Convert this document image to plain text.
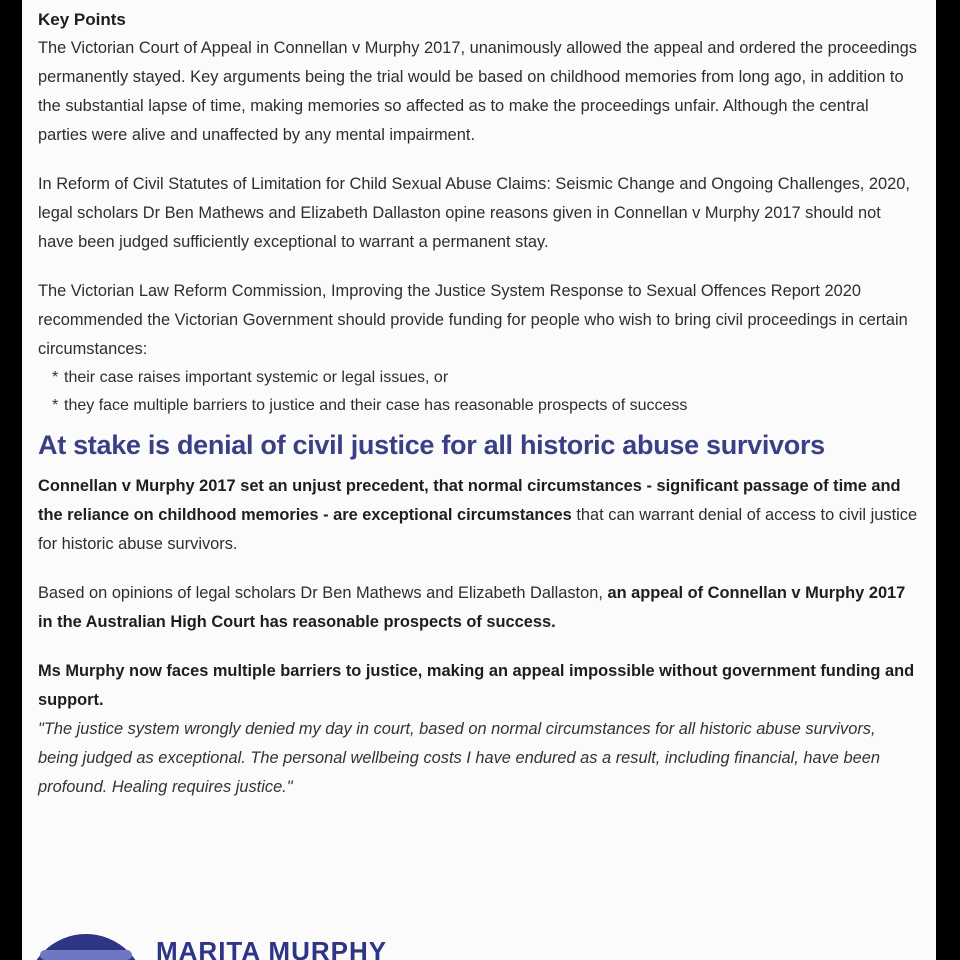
Key Points

The Victorian Court of Appeal in Connellan v Murphy 2017, unanimously allowed the appeal and ordered the proceedings permanently stayed. Key arguments being the trial would be based on childhood memories from long ago, in addition to the substantial lapse of time, making memories so affected as to make the proceedings unfair. Although the central parties were alive and unaffected by any mental impairment.

In Reform of Civil Statutes of Limitation for Child Sexual Abuse Claims: Seismic Change and Ongoing Challenges, 2020, legal scholars Dr Ben Mathews and Elizabeth Dallaston opine reasons given in Connellan v Murphy 2017 should not have been judged sufficiently exceptional to warrant a permanent stay.

The Victorian Law Reform Commission, Improving the Justice System Response to Sexual Offences Report 2020 recommended the Victorian Government should provide funding for people who wish to bring civil proceedings in certain circumstances:

* their case raises important systemic or legal issues, or
* they face multiple barriers to justice and their case has reasonable prospects of success
At stake is denial of civil justice for all historic abuse survivors

Connellan v Murphy 2017 set an unjust precedent, that normal circumstances - significant passage of time and the reliance on childhood memories - are exceptional circumstances that can warrant denial of access to civil justice for historic abuse survivors.

Based on opinions of legal scholars Dr Ben Mathews and Elizabeth Dallaston, an appeal of Connellan v Murphy 2017 in the Australian High Court has reasonable prospects of success.

Ms Murphy now faces multiple barriers to justice, making an appeal impossible without government funding and support.

"The justice system wrongly denied my day in court, based on normal circumstances for all historic abuse survivors, being judged as exceptional. The personal wellbeing costs I have endured as a result, including financial, have been profound. Healing requires justice."

MARITA MURPHY
